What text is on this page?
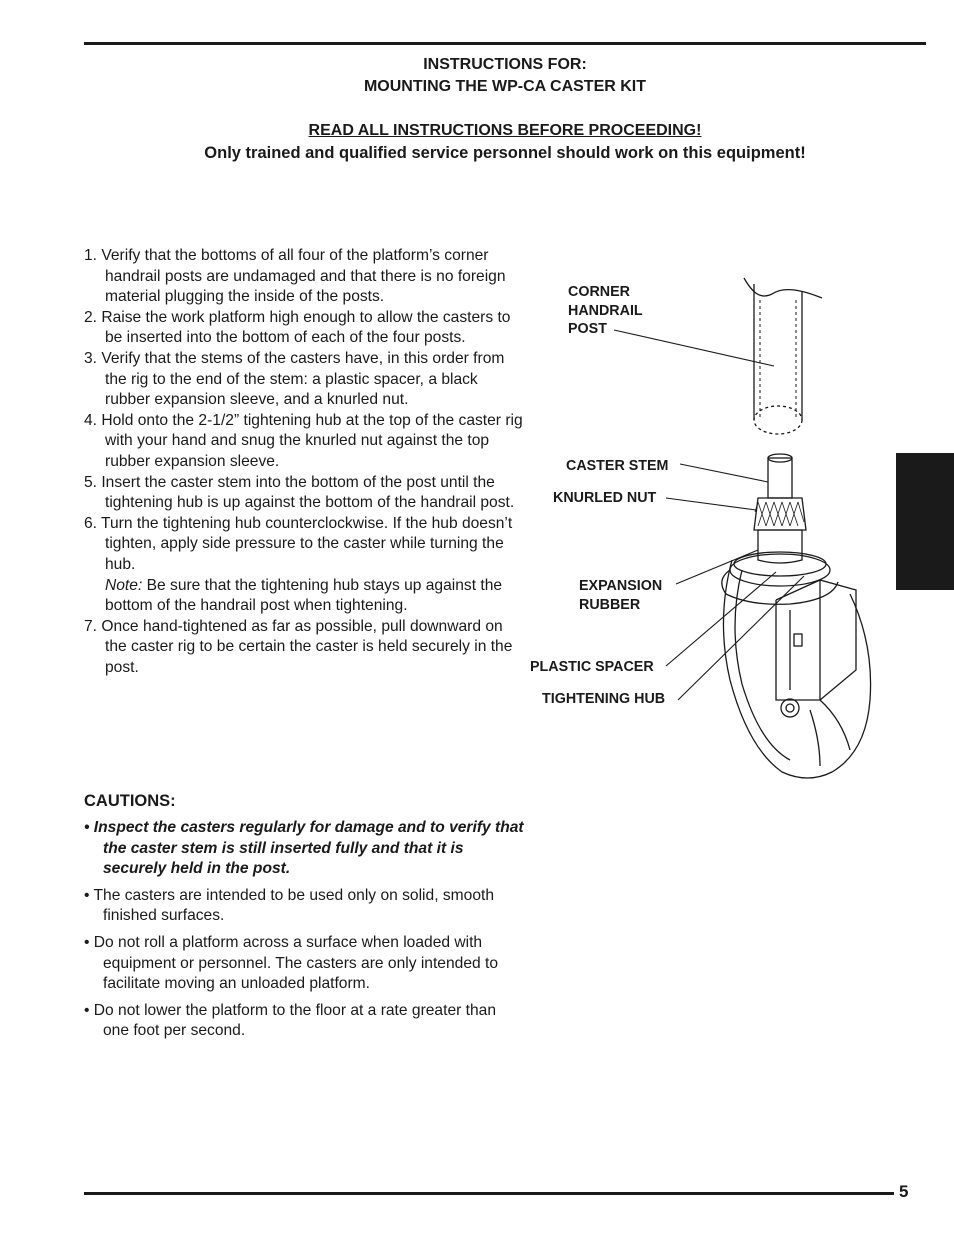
INSTRUCTIONS FOR:
MOUNTING THE WP-CA CASTER KIT
READ ALL INSTRUCTIONS BEFORE PROCEEDING!
Only trained and qualified service personnel should work on this equipment!
1. Verify that the bottoms of all four of the platform’s corner handrail posts are undamaged and that there is no foreign material plugging the inside of the posts.
2. Raise the work platform high enough to allow the casters to be inserted into the bottom of each of the four posts.
3. Verify that the stems of the casters have, in this order from the rig to the end of the stem: a plastic spacer, a black rubber expansion sleeve, and a knurled nut.
4. Hold onto the 2-1/2” tightening hub at the top of the caster rig with your hand and snug the knurled nut against the top rubber expansion sleeve.
5. Insert the caster stem into the bottom of the post until the tightening hub is up against the bottom of the handrail post.
6. Turn the tightening hub counterclockwise. If the hub doesn’t tighten, apply side pressure to the caster while turning the hub.
Note: Be sure that the tightening hub stays up against the bottom of the handrail post when tightening.
7. Once hand-tightened as far as possible, pull downward on the caster rig to be certain the caster is held securely in the post.
CAUTIONS:
• Inspect the casters regularly for damage and to verify that the caster stem is still inserted fully and that it is securely held in the post.
• The casters are intended to be used only on solid, smooth finished surfaces.
• Do not roll a platform across a surface when loaded with equipment or personnel. The casters are only intended to facilitate moving an unloaded platform.
• Do not lower the platform to the floor at a rate greater than one foot per second.
CORNER
HANDRAIL
POST
CASTER STEM
KNURLED NUT
EXPANSION
RUBBER
PLASTIC SPACER
TIGHTENING HUB
5
